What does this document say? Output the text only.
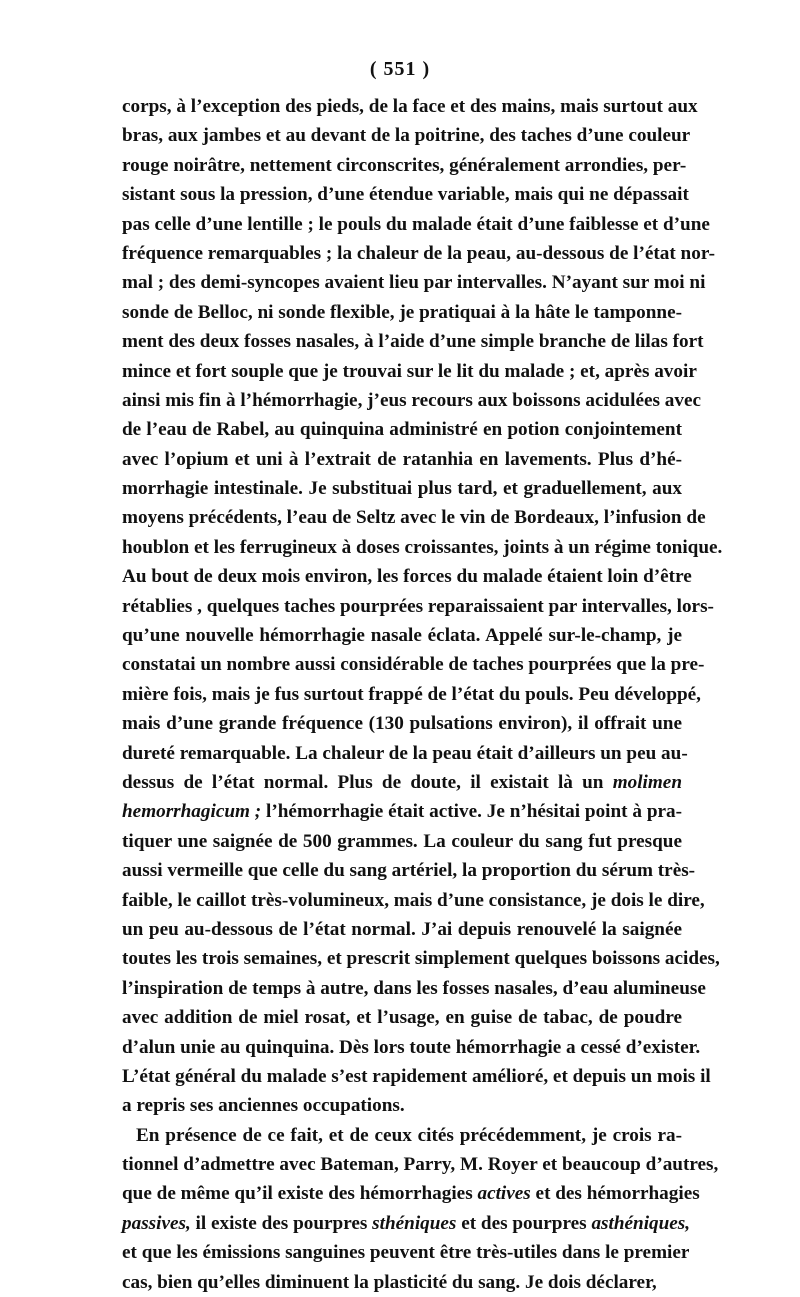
( 551 )
corps, à l’exception des pieds, de la face et des mains, mais surtout aux
bras, aux jambes et au devant de la poitrine, des taches d’une couleur
rouge noirâtre, nettement circonscrites, généralement arrondies, per-
sistant sous la pression, d’une étendue variable, mais qui ne dépassait
pas celle d’une lentille ; le pouls du malade était d’une faiblesse et d’une
fréquence remarquables ; la chaleur de la peau, au-dessous de l’état nor-
mal ; des demi-syncopes avaient lieu par intervalles. N’ayant sur moi ni
sonde de Belloc, ni sonde flexible, je pratiquai à la hâte le tamponne-
ment des deux fosses nasales, à l’aide d’une simple branche de lilas fort
mince et fort souple que je trouvai sur le lit du malade ; et, après avoir
ainsi mis fin à l’hémorrhagie, j’eus recours aux boissons acidulées avec
de l’eau de Rabel, au quinquina administré en potion conjointement
avec l’opium et uni à l’extrait de ratanhia en lavements. Plus d’hé-
morrhagie intestinale. Je substituai plus tard, et graduellement, aux
moyens précédents, l’eau de Seltz avec le vin de Bordeaux, l’infusion de
houblon et les ferrugineux à doses croissantes, joints à un régime tonique.
Au bout de deux mois environ, les forces du malade étaient loin d’être
rétablies , quelques taches pourprées reparaissaient par intervalles, lors-
qu’une nouvelle hémorrhagie nasale éclata. Appelé sur-le-champ, je
constatai un nombre aussi considérable de taches pourprées que la pre-
mière fois, mais je fus surtout frappé de l’état du pouls. Peu développé,
mais d’une grande fréquence (130 pulsations environ), il offrait une
dureté remarquable. La chaleur de la peau était d’ailleurs un peu au-
dessus de l’état normal. Plus de doute, il existait là un molimen
hemorrhagicum ; l’hémorrhagie était active. Je n’hésitai point à pra-
tiquer une saignée de 500 grammes. La couleur du sang fut presque
aussi vermeille que celle du sang artériel, la proportion du sérum très-
faible, le caillot très-volumineux, mais d’une consistance, je dois le dire,
un peu au-dessous de l’état normal. J’ai depuis renouvelé la saignée
toutes les trois semaines, et prescrit simplement quelques boissons acides,
l’inspiration de temps à autre, dans les fosses nasales, d’eau alumineuse
avec addition de miel rosat, et l’usage, en guise de tabac, de poudre
d’alun unie au quinquina. Dès lors toute hémorrhagie a cessé d’exister.
L’état général du malade s’est rapidement amélioré, et depuis un mois il
a repris ses anciennes occupations.
En présence de ce fait, et de ceux cités précédemment, je crois ra-
tionnel d’admettre avec Bateman, Parry, M. Royer et beaucoup d’autres,
que de même qu’il existe des hémorrhagies actives et des hémorrhagies
passives, il existe des pourpres sthéniques et des pourpres asthéniques,
et que les émissions sanguines peuvent être très-utiles dans le premier
cas, bien qu’elles diminuent la plasticité du sang. Je dois déclarer,
